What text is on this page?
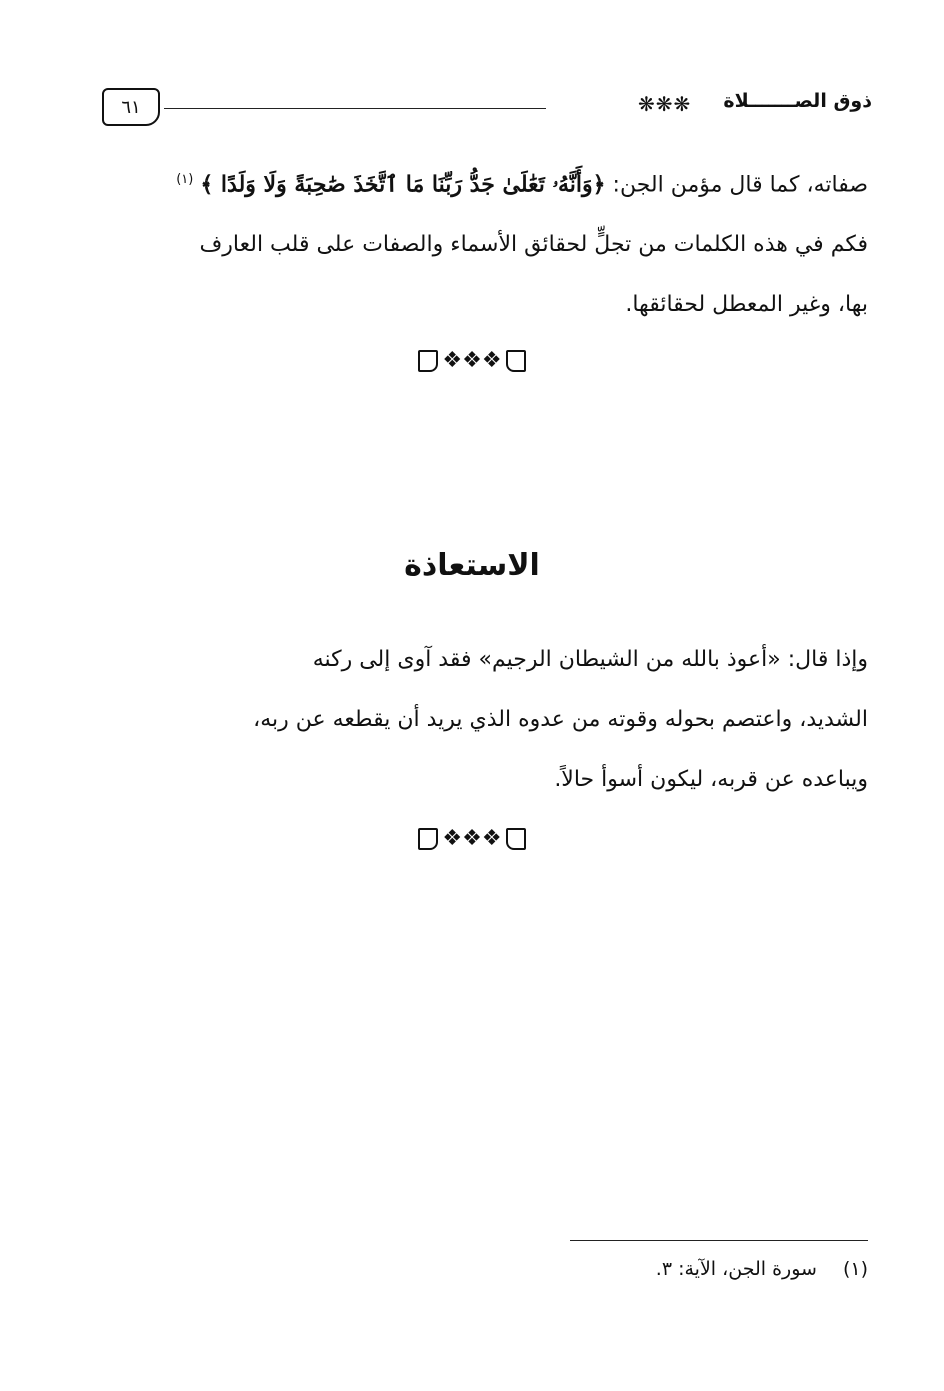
٦١	❋❋❋ ذوق الصـــــــلاة
صفاته، كما قال مؤمن الجن: ﴿وَأَنَّهُۥ تَعَٰلَىٰ جَدُّ رَبِّنَا مَا ٱتَّخَذَ صَٰحِبَةً وَلَا وَلَدًا ﴾ $^{(١)}$
فكم في هذه الكلمات من تجلٍّ لحقائق الأسماء والصفات على قلب العارف
بها، وغير المعطل لحقائقها.
❖❖❖
الاستعاذة
وإذا قال: «أعوذ بالله من الشيطان الرجيم» فقد آوى إلى ركنه
الشديد، واعتصم بحوله وقوته من عدوه الذي يريد أن يقطعه عن ربه،
ويباعده عن قربه، ليكون أسوأ حالاً.
❖❖❖
(١)سورة الجن، الآية: ٣.
